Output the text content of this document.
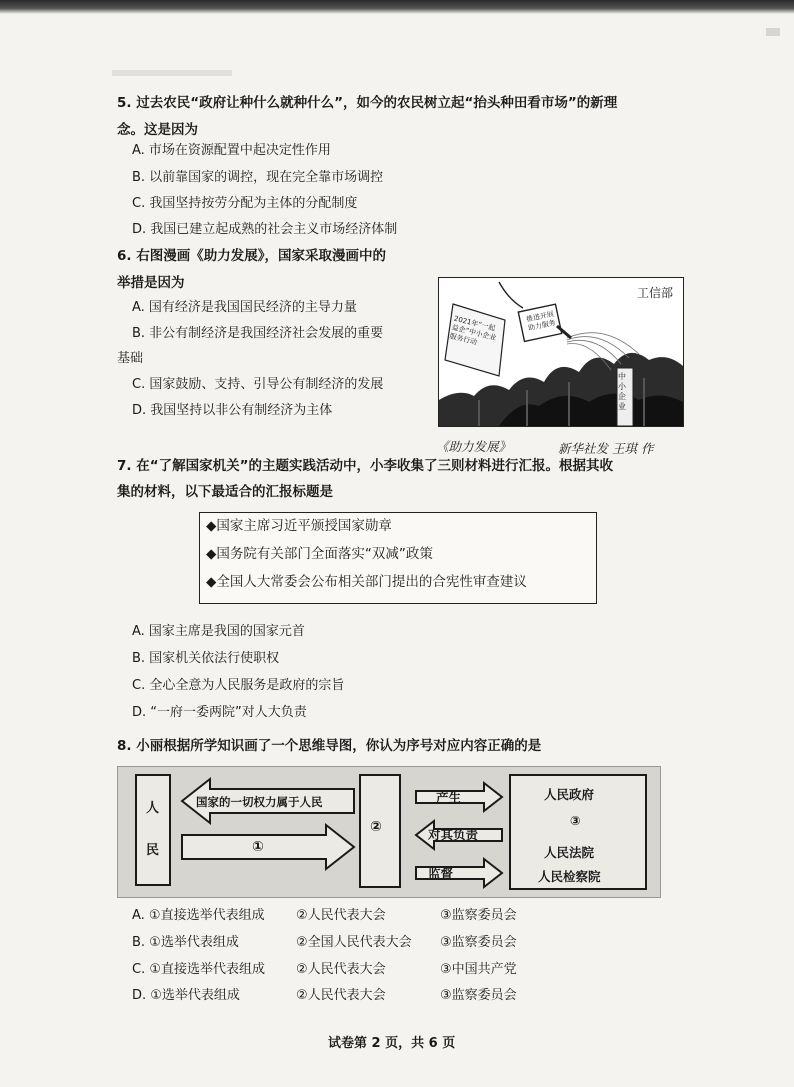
5. 过去农民“政府让种什么就种什么”，如今的农民树立起“抬头种田看市场”的新理
念。这是因为
A. 市场在资源配置中起决定性作用
B. 以前靠国家的调控，现在完全靠市场调控
C. 我国坚持按劳分配为主体的分配制度
D. 我国已建立起成熟的社会主义市场经济体制
6. 右图漫画《助力发展》，国家采取漫画中的
举措是因为
A. 国有经济是我国国民经济的主导力量
B. 非公有制经济是我国经济社会发展的重要
基础
C. 国家鼓励、支持、引导公有制经济的发展
D. 我国坚持以非公有制经济为主体
工信部
推进开展助力服务
2021年“一起益企”中小企业服务行动
中小企业
《助力发展》	新华社发 王琪 作
7. 在“了解国家机关”的主题实践活动中，小李收集了三则材料进行汇报。根据其收
集的材料，以下最适合的汇报标题是
◆国家主席习近平颁授国家勋章
◆国务院有关部门全面落实“双减”政策
◆全国人大常委会公布相关部门提出的合宪性审查建议
A. 国家主席是我国的国家元首
B. 国家机关依法行使职权
C. 全心全意为人民服务是政府的宗旨
D. “一府一委两院”对人大负责
8. 小丽根据所学知识画了一个思维导图，你认为序号对应内容正确的是
人
民
国家的一切权力属于人民
①
②
产生
对其负责
监督
人民政府
③
人民法院
人民检察院
A. ①直接选举代表组成 ②人民代表大会	③监察委员会
B. ①选举代表组成	②全国人民代表大会 ③监察委员会
C. ①直接选举代表组成 ②人民代表大会	③中国共产党
D. ①选举代表组成	②人民代表大会	③监察委员会
试卷第 2 页，共 6 页
